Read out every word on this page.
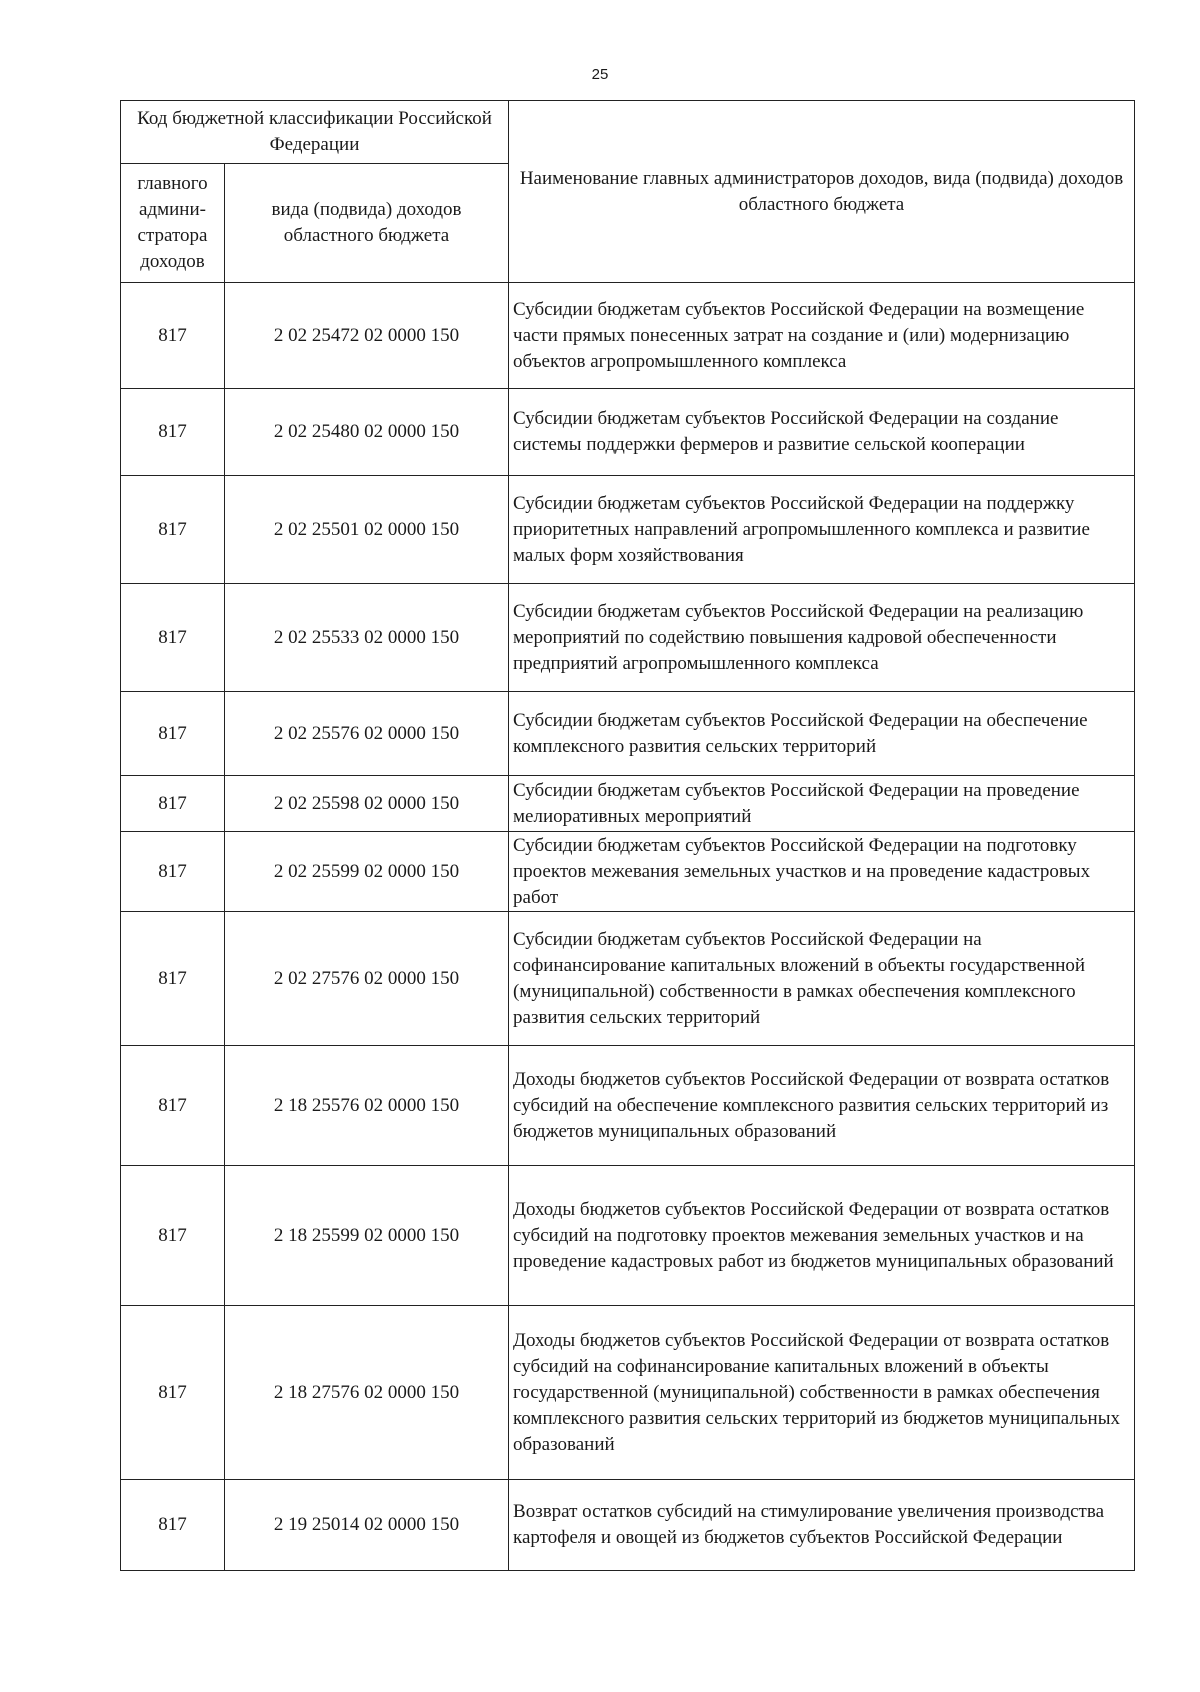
25
Код бюджетной классификации Российской Федерации		Наименование главных администраторов доходов, вида (подвида) доходов областного бюджета
главного админи-стратора доходов	вида (подвида) доходов областного бюджета	
817	2 02 25472 02 0000 150	Субсидии бюджетам субъектов Российской Федерации на возмещение части прямых понесенных затрат на создание и (или) модернизацию объектов агропромышленного комплекса
817	2 02 25480 02 0000 150	Субсидии бюджетам субъектов Российской Федерации на создание системы поддержки фермеров и развитие сельской кооперации
817	2 02 25501 02 0000 150	Субсидии бюджетам субъектов Российской Федерации на поддержку приоритетных направлений агропромышленного комплекса и развитие малых форм хозяйствования
817	2 02 25533 02 0000 150	Субсидии бюджетам субъектов Российской Федерации на реализацию мероприятий по содействию повышения кадровой обеспеченности предприятий агропромышленного комплекса
817	2 02 25576 02 0000 150	Субсидии бюджетам субъектов Российской Федерации на обеспечение комплексного развития сельских территорий
817	2 02 25598 02 0000 150	Субсидии бюджетам субъектов Российской Федерации на проведение мелиоративных мероприятий
817	2 02 25599 02 0000 150	Субсидии бюджетам субъектов Российской Федерации на подготовку проектов межевания земельных участков и на проведение кадастровых работ
817	2 02 27576 02 0000 150	Субсидии бюджетам субъектов Российской Федерации на софинансирование капитальных вложений в объекты государственной (муниципальной) собственности в рамках обеспечения комплексного развития сельских территорий
817	2 18 25576 02 0000 150	Доходы бюджетов субъектов Российской Федерации от возврата остатков субсидий на обеспечение комплексного развития сельских территорий из бюджетов муниципальных образований
817	2 18 25599 02 0000 150	Доходы бюджетов субъектов Российской Федерации от возврата остатков субсидий на подготовку проектов межевания земельных участков и на проведение кадастровых работ из бюджетов муниципальных образований
817	2 18 27576 02 0000 150	Доходы бюджетов субъектов Российской Федерации от возврата остатков субсидий на софинансирование капитальных вложений в объекты государственной (муниципальной) собственности в рамках обеспечения комплексного развития сельских территорий из бюджетов муниципальных образований
817	2 19 25014 02 0000 150	Возврат остатков субсидий на стимулирование увеличения производства картофеля и овощей из бюджетов субъектов Российской Федерации
